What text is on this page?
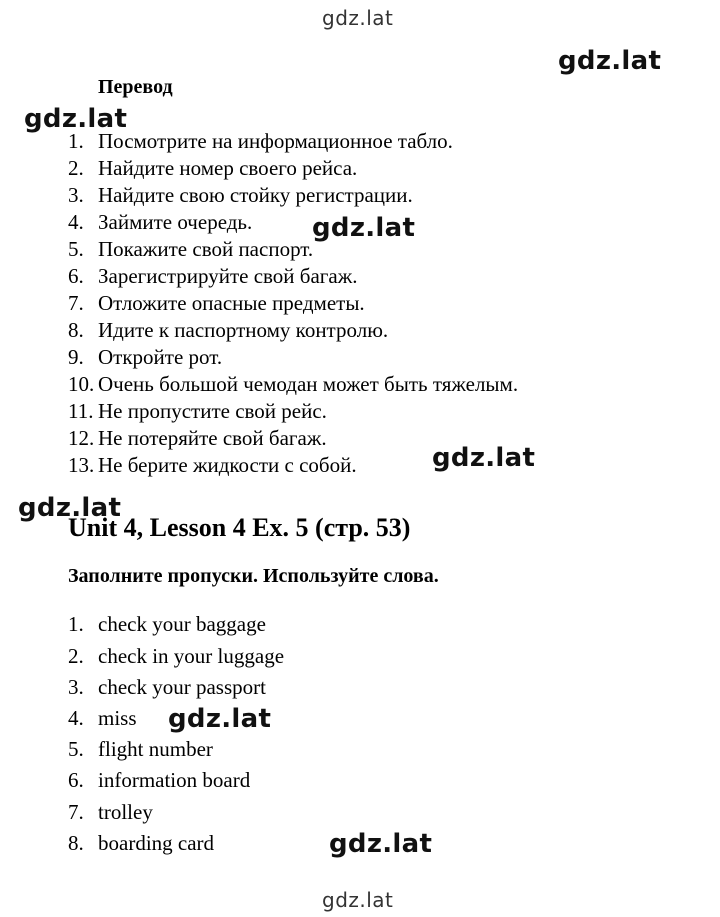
gdz.lat
gdz.lat
gdz.lat
gdz.lat
gdz.lat
gdz.lat
gdz.lat
gdz.lat
Перевод
1. Посмотрите на информационное табло.
2. Найдите номер своего рейса.
3. Найдите свою стойку регистрации.
4. Займите очередь.
5. Покажите свой паспорт.
6. Зарегистрируйте свой багаж.
7. Отложите опасные предметы.
8. Идите к паспортному контролю.
9. Откройте рот.
10. Очень большой чемодан может быть тяжелым.
11. Не пропустите свой рейс.
12. Не потеряйте свой багаж.
13. Не берите жидкости с собой.
Unit 4, Lesson 4 Ex. 5 (стр. 53)
gdz.lat
Заполните пропуски. Используйте слова.
1. check your baggage
2. check in your luggage
3. check your passport
4. miss
5. flight number
6. information board
7. trolley
8. boarding card
